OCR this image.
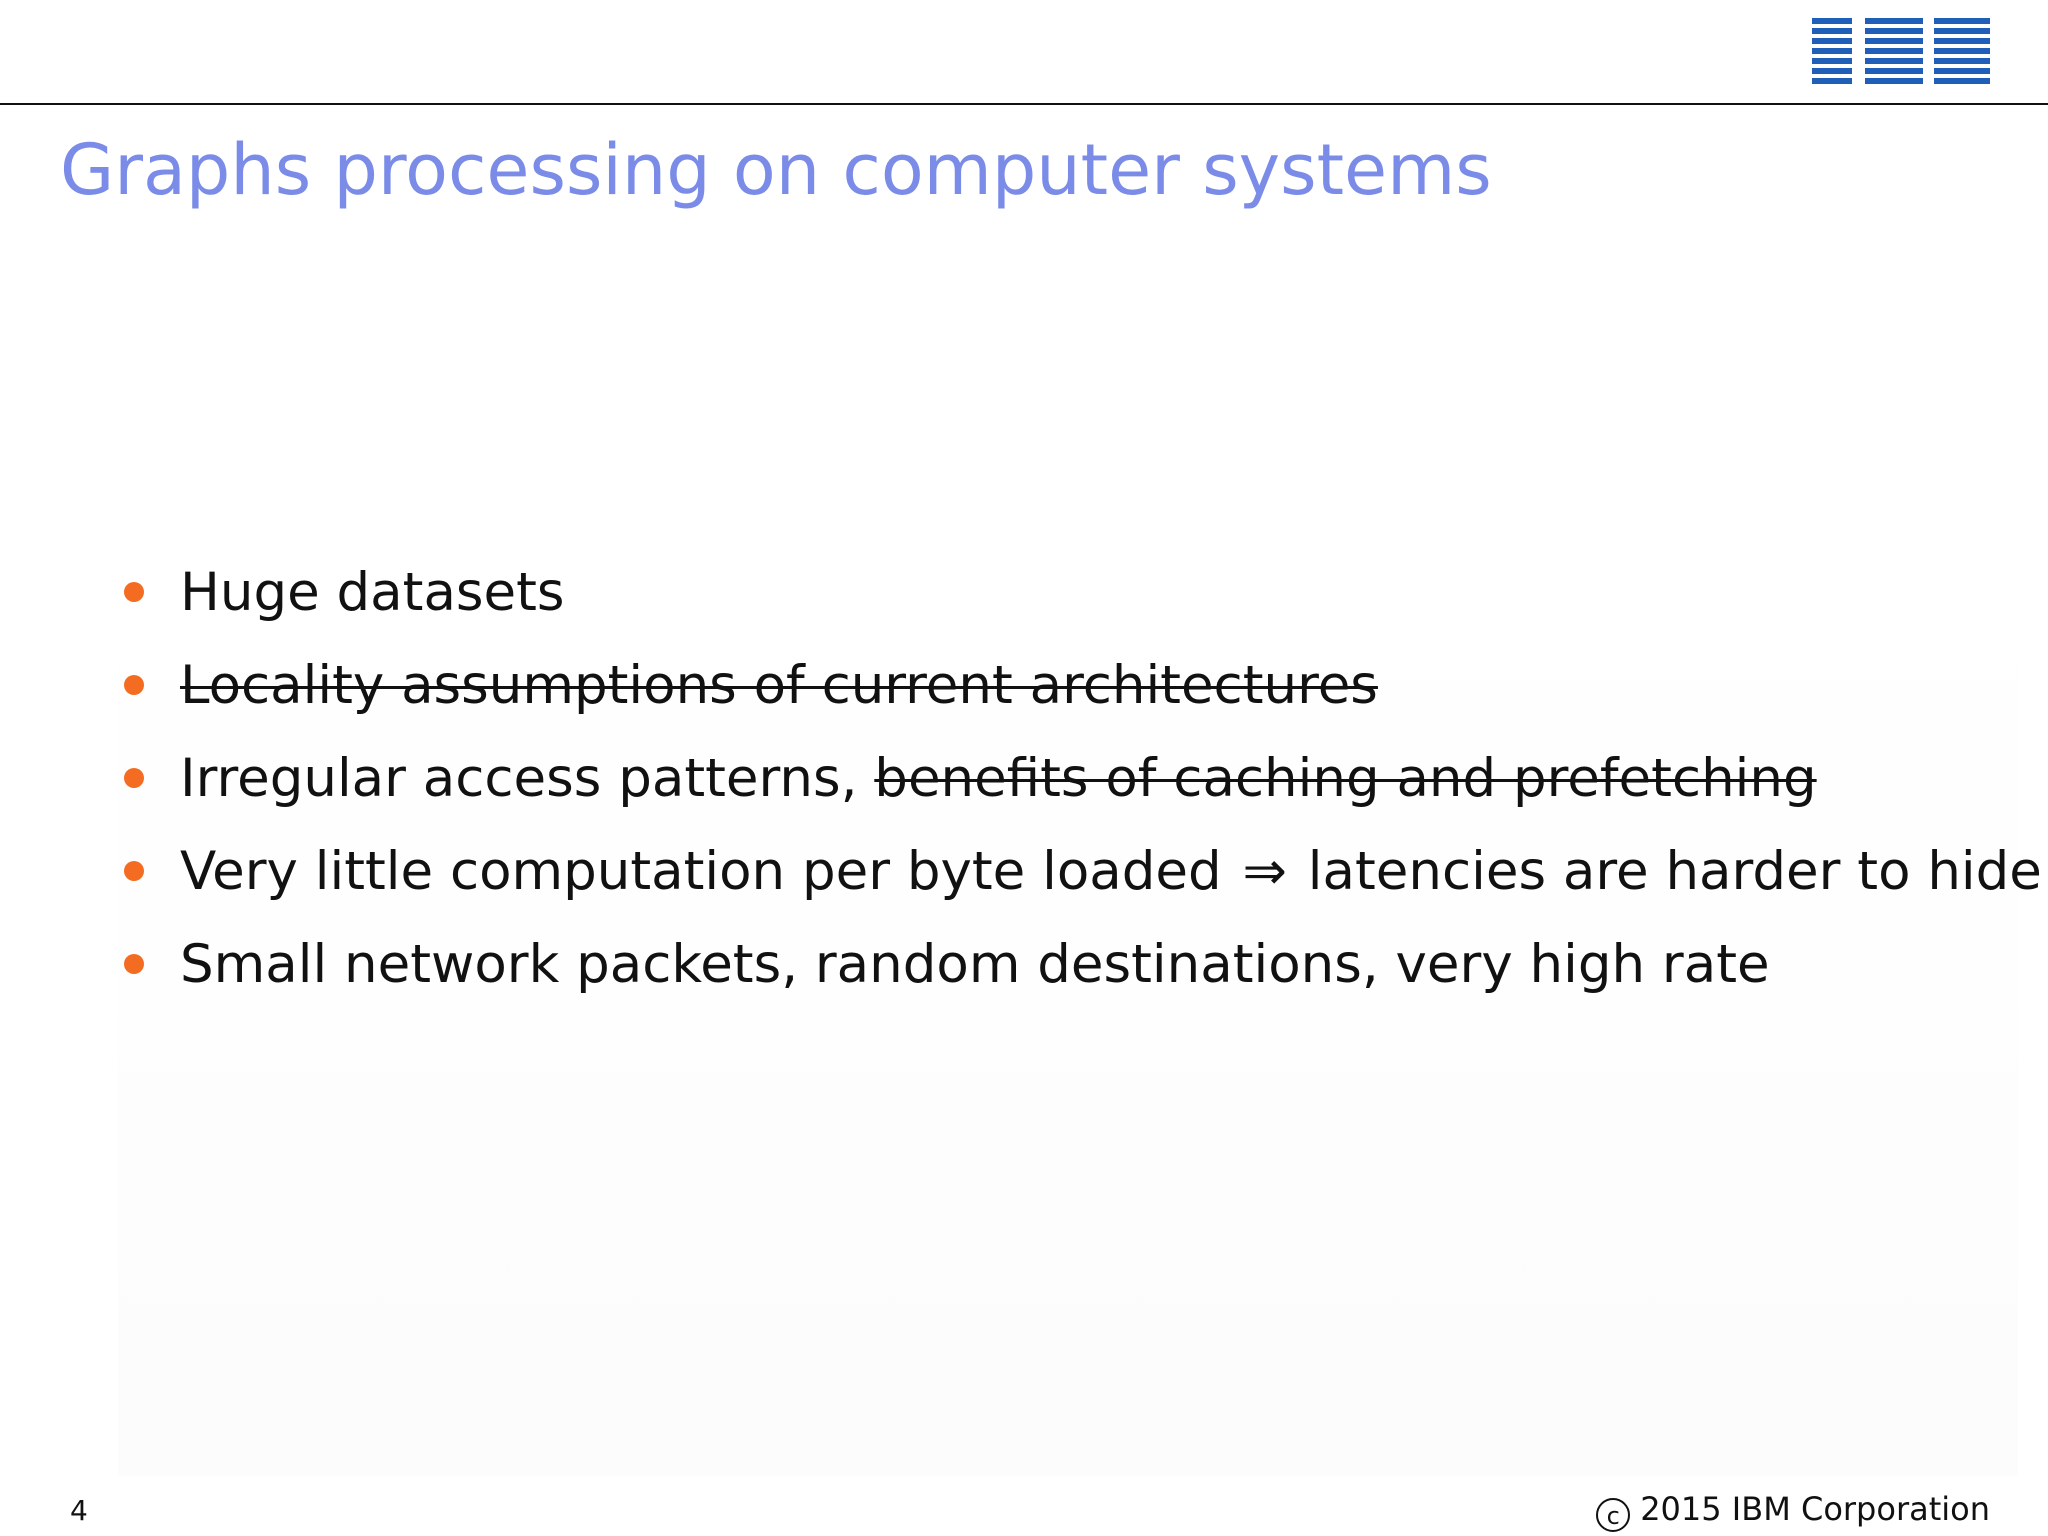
Graphs processing on computer systems
Huge datasets
Locality assumptions of current architectures
Irregular access patterns, benefits of caching and prefetching
Very little computation per byte loaded ⇒ latencies are harder to hide
Small network packets, random destinations, very high rate
4	c 2015 IBM Corporation
